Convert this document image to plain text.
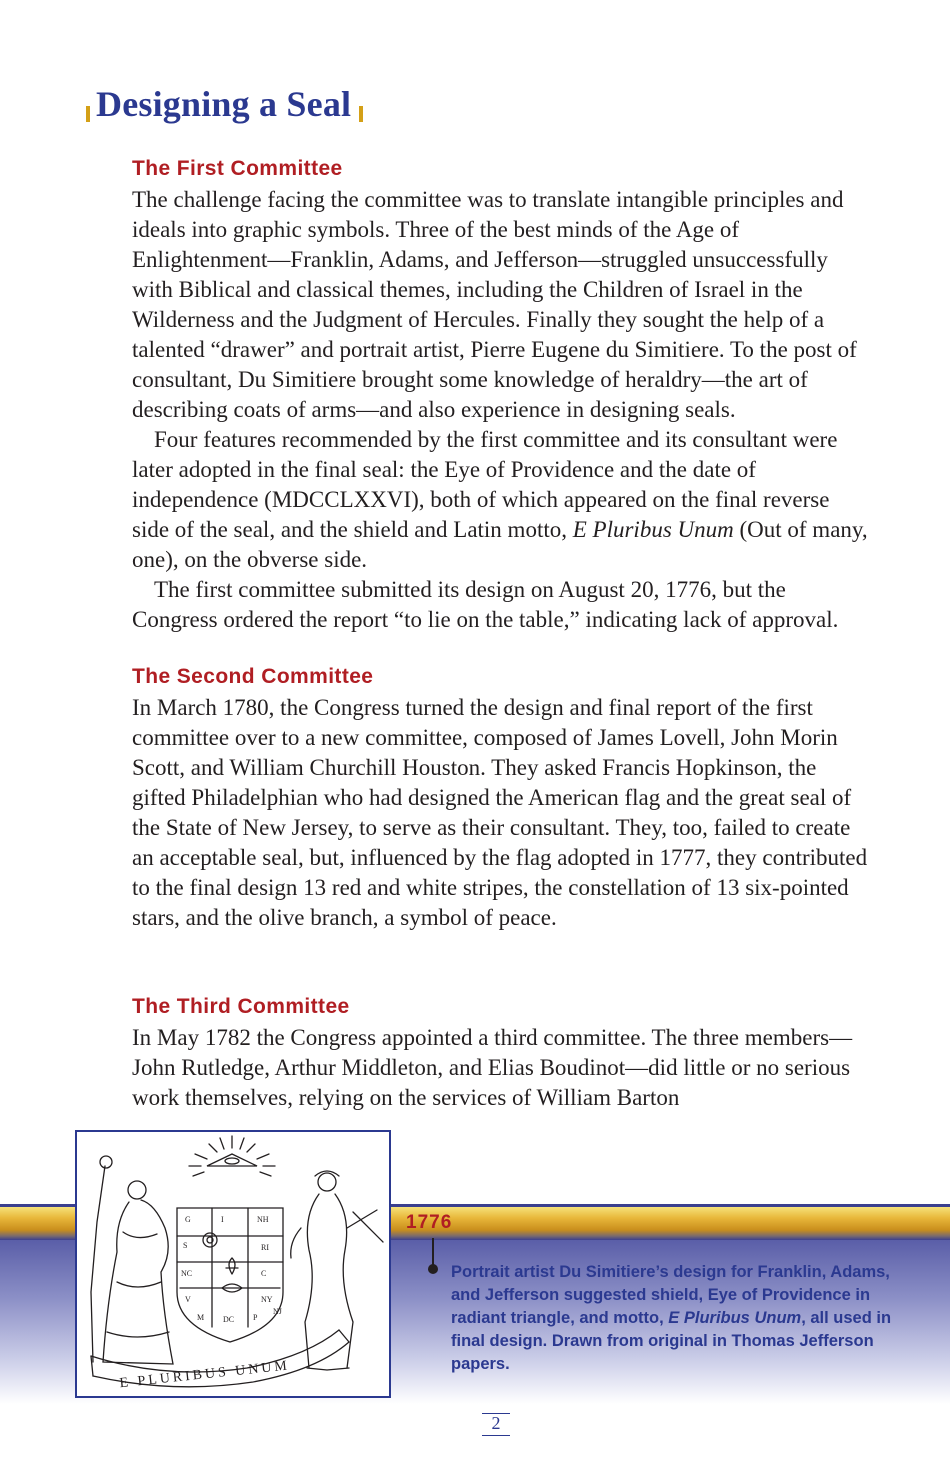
Designing a Seal
The First Committee

The challenge facing the committee was to translate intangible principles and ideals into graphic symbols. Three of the best minds of the Age of Enlightenment—Franklin, Adams, and Jefferson—struggled unsuccessfully with Biblical and classical themes, including the Children of Israel in the Wilderness and the Judgment of Hercules. Finally they sought the help of a talented “drawer” and portrait artist, Pierre Eugene du Simitiere. To the post of consultant, Du Simitiere brought some knowledge of heraldry—the art of describing coats of arms—and also experience in designing seals.

Four features recommended by the first committee and its consultant were later adopted in the final seal: the Eye of Providence and the date of independence (MDCCLXXVI), both of which appeared on the final reverse side of the seal, and the shield and Latin motto, E Pluribus Unum (Out of many, one), on the obverse side.

The first committee submitted its design on August 20, 1776, but the Congress ordered the report “to lie on the table,” indicating lack of approval.

The Second Committee

In March 1780, the Congress turned the design and final report of the first committee over to a new committee, composed of James Lovell, John Morin Scott, and William Churchill Houston. They asked Francis Hopkinson, the gifted Philadelphian who had designed the American flag and the great seal of the State of New Jersey, to serve as their consultant. They, too, failed to create an acceptable seal, but, influenced by the flag adopted in 1777, they contributed to the final design 13 red and white stripes, the constellation of 13 six-pointed stars, and the olive branch, a symbol of peace.

The Third Committee

In May 1782 the Congress appointed a third committee. The three members—John Rutledge, Arthur Middleton, and Elias Boudinot—did little or no serious work themselves, relying on the services of William Barton

1776
Portrait artist Du Simitiere’s design for Franklin, Adams, and Jefferson suggested shield, Eye of Providence in radiant triangle, and motto, E Pluribus Unum, all used in final design. Drawn from original in Thomas Jefferson papers.
G	I	NH
S	RI
NC	C
V	NY
M DC P
NJ
E PLURIBUS UNUM
2
